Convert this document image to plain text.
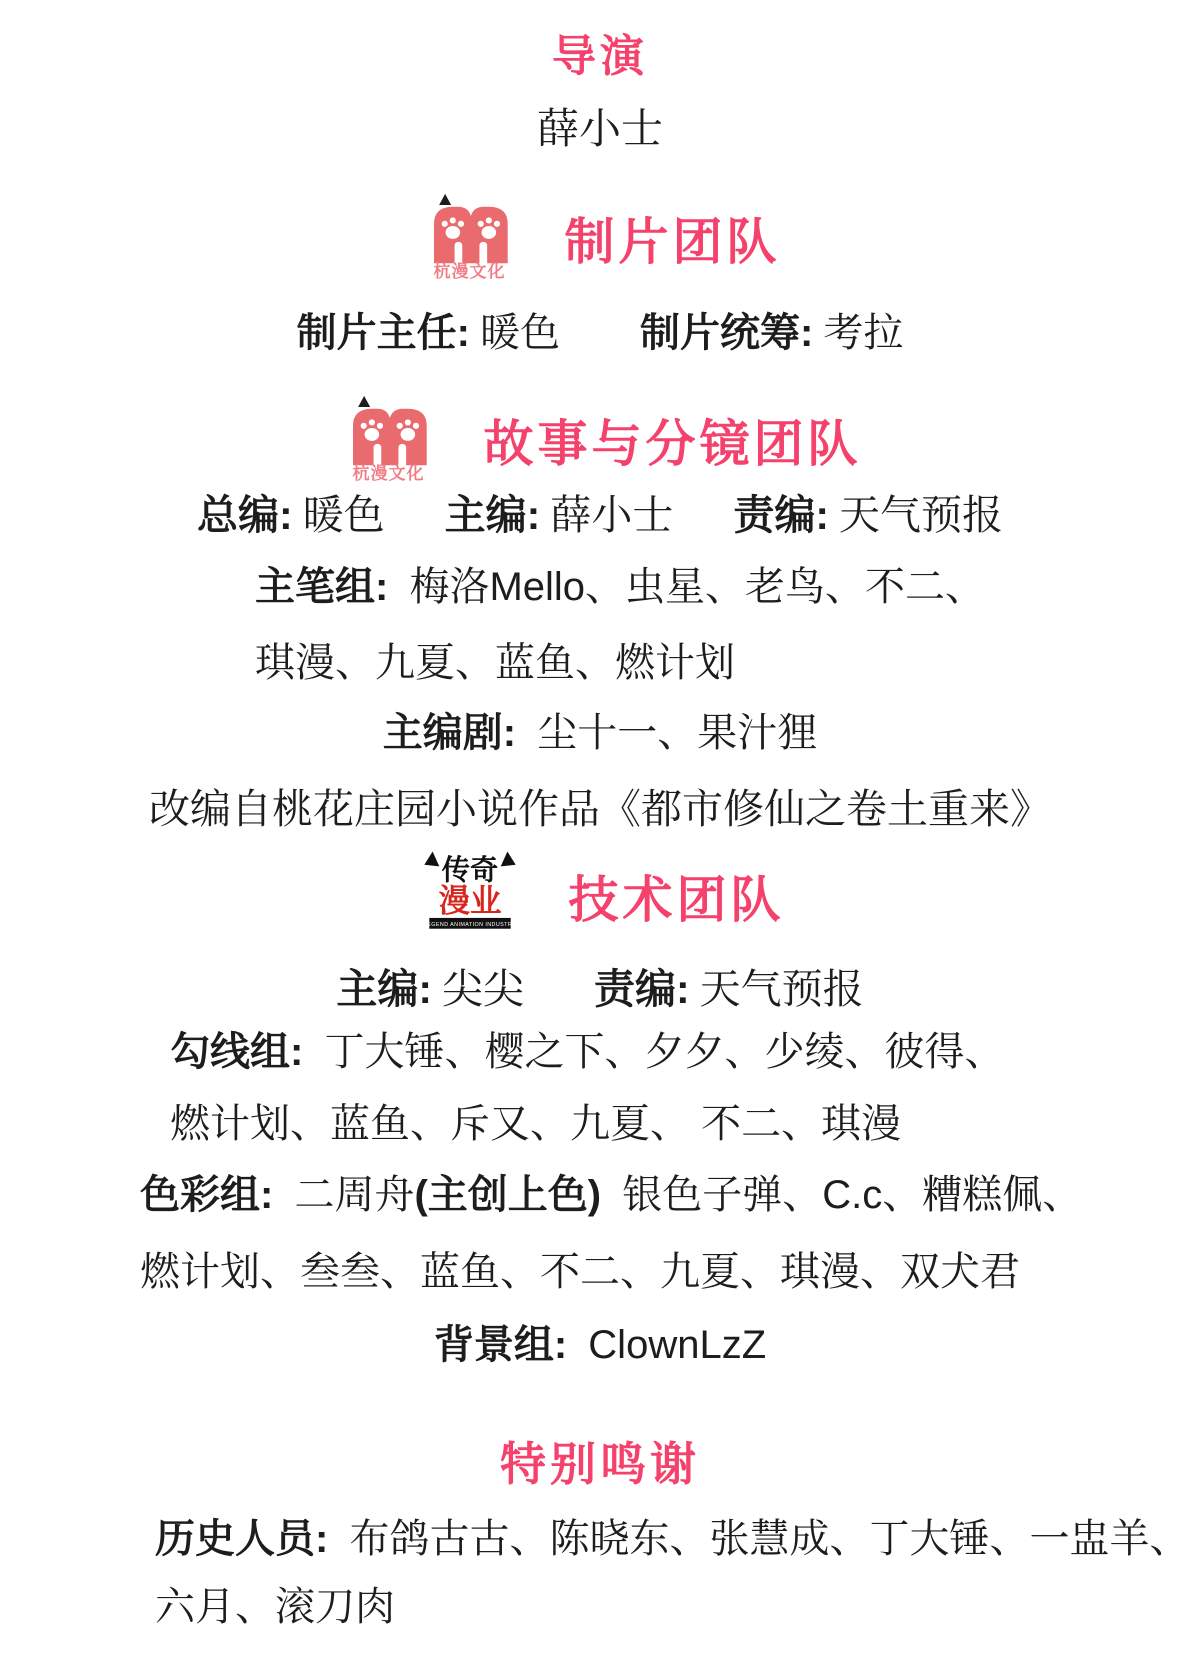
导演
薛小士
杭漫文化
制片团队
制片主任: 暖色 制片统筹: 考拉
杭漫文化
故事与分镜团队
总编: 暖色 主编: 薛小士 责编: 天气预报
主笔组: 梅洛Mello、虫星、老鸟、不二、
琪漫、九夏、蓝鱼、燃计划
主编剧: 尘十一、果汁狸
改编自桃花庄园小说作品《都市修仙之卷土重来》
传奇
漫业
LEGEND ANIMATION INDUSTRY 技术团队
主编: 尖尖 责编: 天气预报
勾线组: 丁大锤、樱之下、夕夕、少绫、彼得、
燃计划、蓝鱼、斥又、九夏、 不二、琪漫
色彩组: 二周舟(主创上色) 银色子弹、C.c、糟糕佩、
燃计划、叁叁、蓝鱼、不二、九夏、琪漫、双犬君
背景组: ClownLzZ
特别鸣谢
历史人员: 布鸽古古、陈晓东、张慧成、丁大锤、一盅羊、
六月、滚刀肉
